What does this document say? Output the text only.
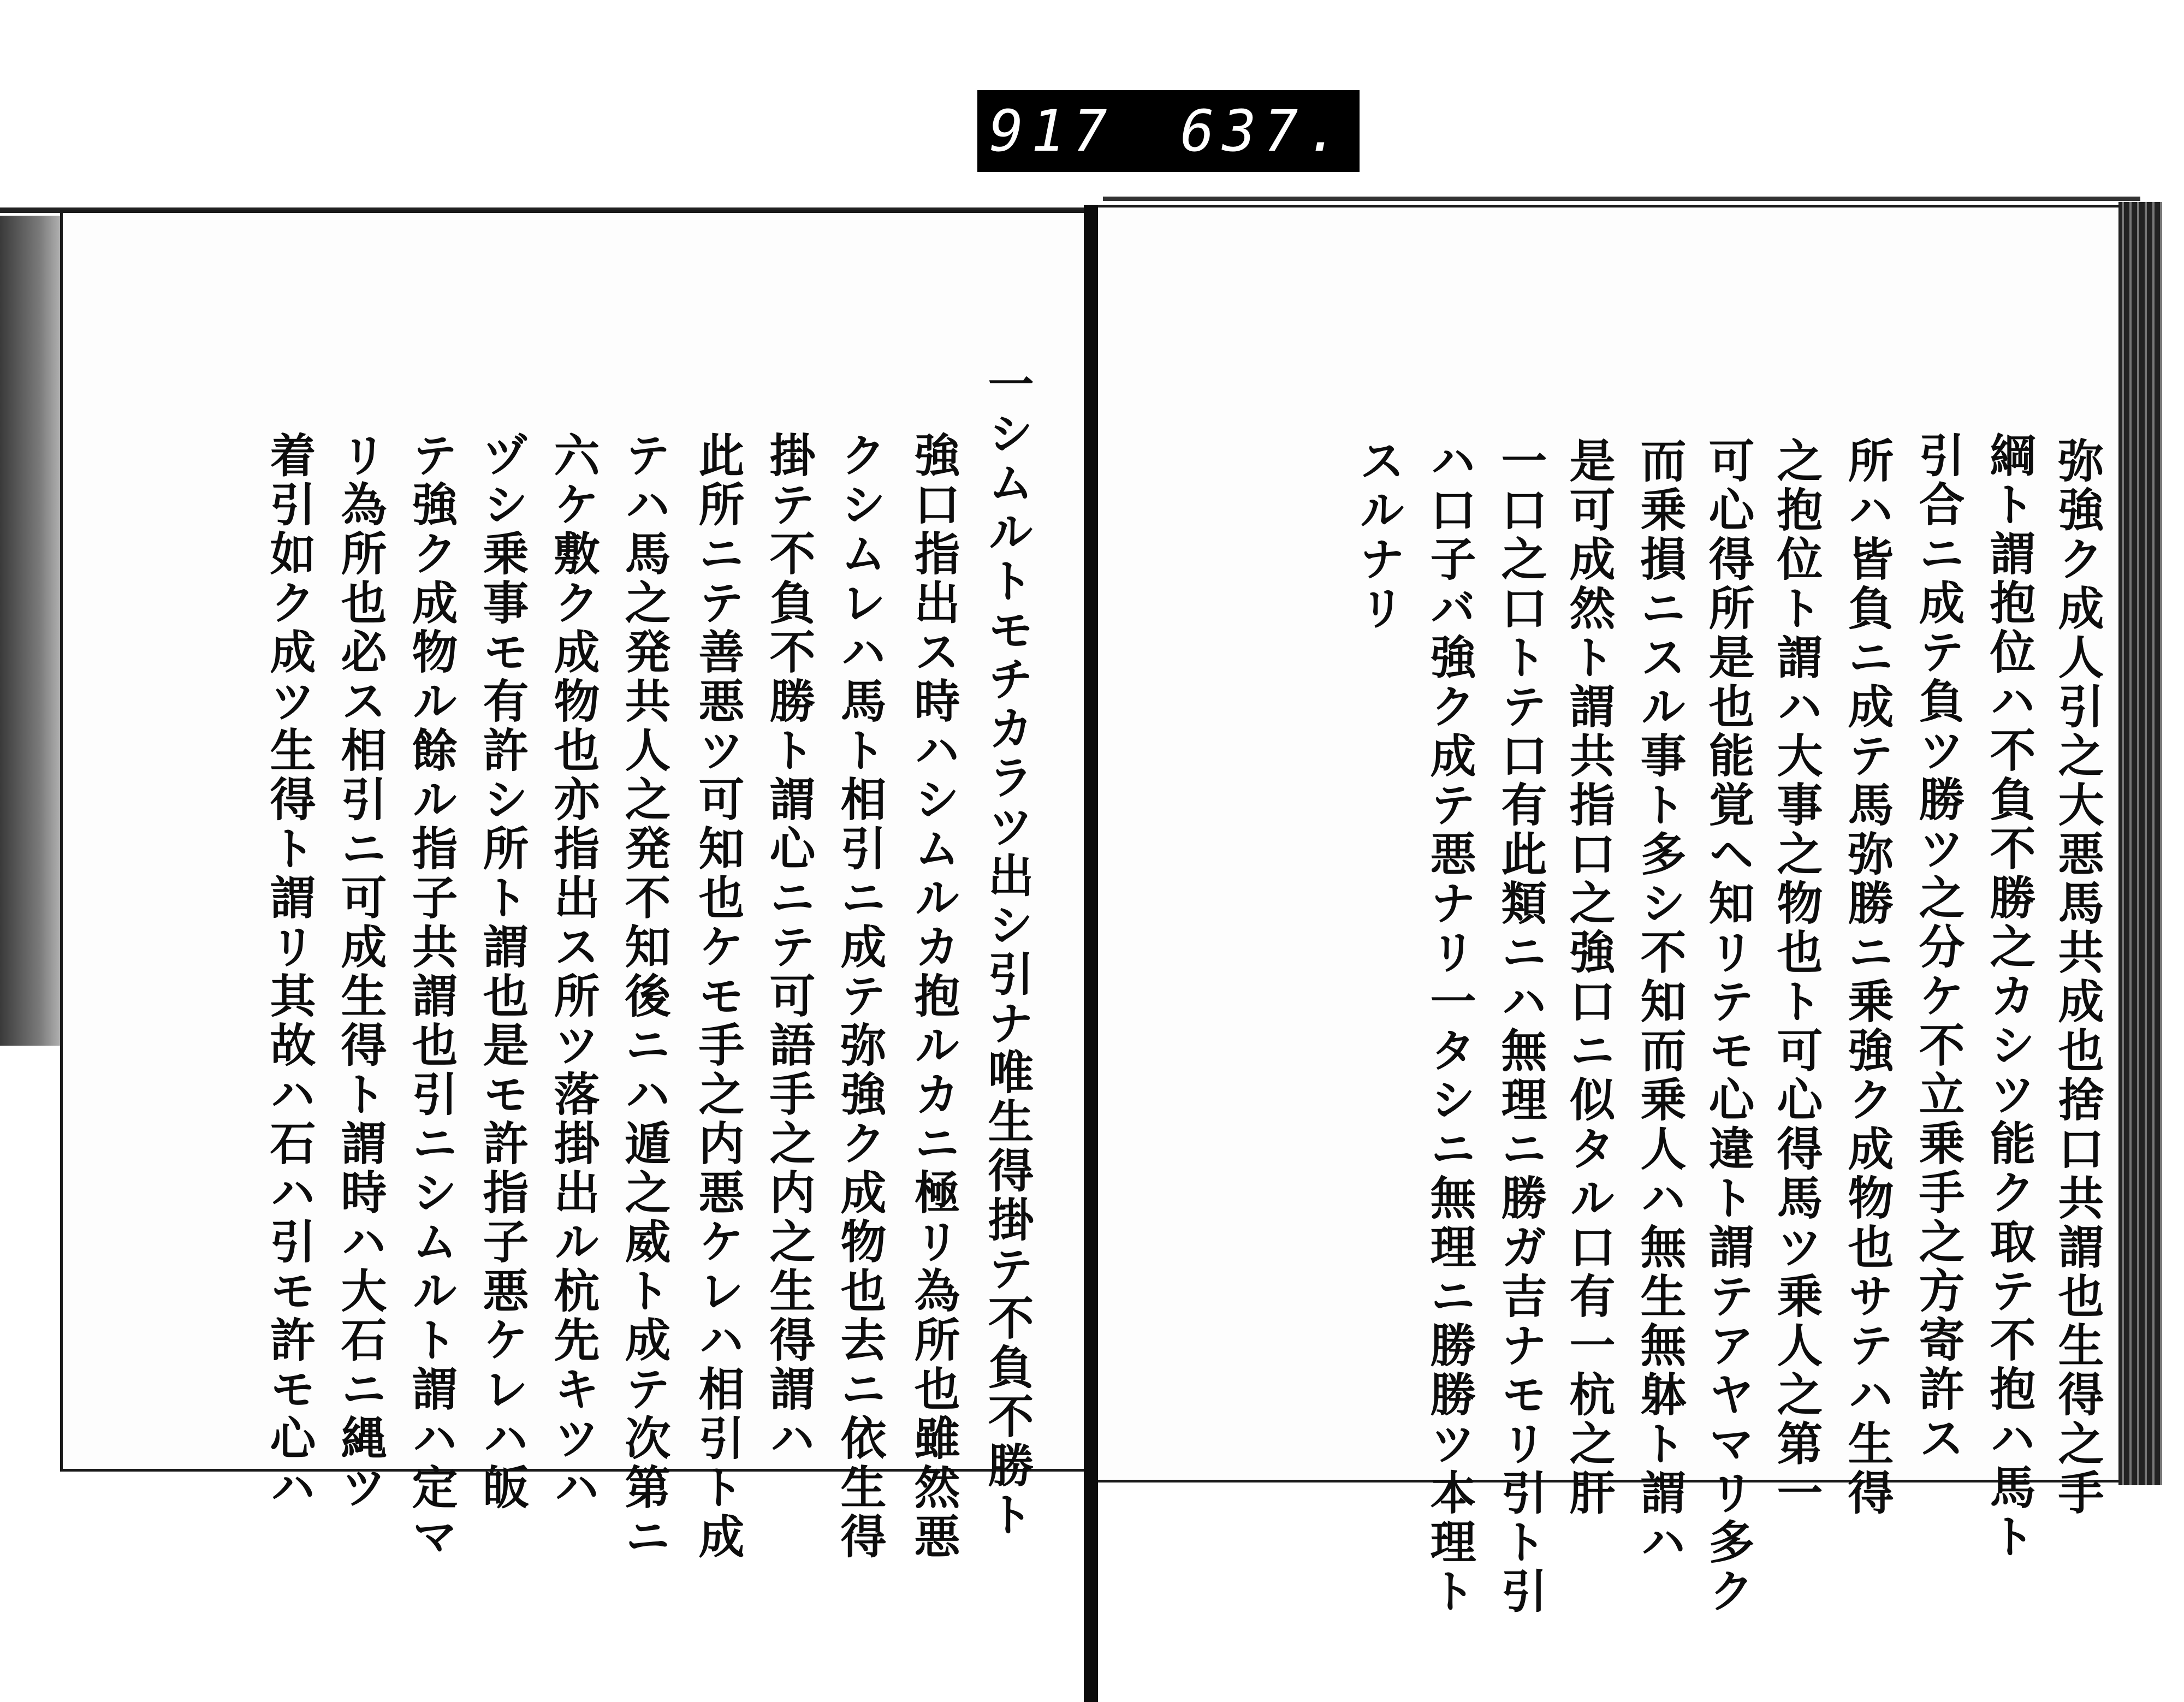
917 637.
弥強ク成人引之大悪馬共成也捨口共謂也生得之手
綱ト謂抱位ハ不負不勝之カシツ能ク取テ不抱ハ馬ト
引合ニ成テ負ツ勝ツ之分ケ不立乗手之方寄許ス
所ハ皆負ニ成テ馬弥勝ニ乗強ク成物也サテハ生得
之抱位ト謂ハ大事之物也ト可心得馬ツ乗人之第一
可心得所是也能覚ヘ知リテモ心違ト謂テアヤマリ多ク
而乗損ニスル事ト多シ不知而乗人ハ無生無躰ト謂ハ
是可成然ト謂共指口之強口ニ似タル口有一杭之肝
一口之口トテ口有此類ニハ無理ニ勝ガ吉ナモリ引ト引
ハ口子バ強ク成テ悪ナリ一タシニ無理ニ勝勝ツ本理ト
スルナリ
一シムルトモチカラツ出シ引ナ唯生得掛テ不負不勝ト
強口指出ス時ハシムルカ抱ルカニ極リ為所也雖然悪
クシムレハ馬ト相引ニ成テ弥強ク成物也去ニ依生得
掛テ不負不勝ト謂心ニテ可語手之内之生得謂ハ
此所ニテ善悪ツ可知也ケモ手之内悪ケレハ相引ト成
テハ馬之発共人之発不知後ニハ遁之威ト成テ次第ニ
六ケ敷ク成物也亦指出ス所ツ落掛出ル杭先キツハ
ヅシ乗事モ有許シ所ト謂也是モ許指子悪ケレハ皈
テ強ク成物ル餘ル指子共謂也引ニシムルト謂ハ定マ
リ為所也必ス相引ニ可成生得ト謂時ハ大石ニ縄ツ
着引如ク成ツ生得ト謂リ其故ハ石ハ引モ許モ心ハ
